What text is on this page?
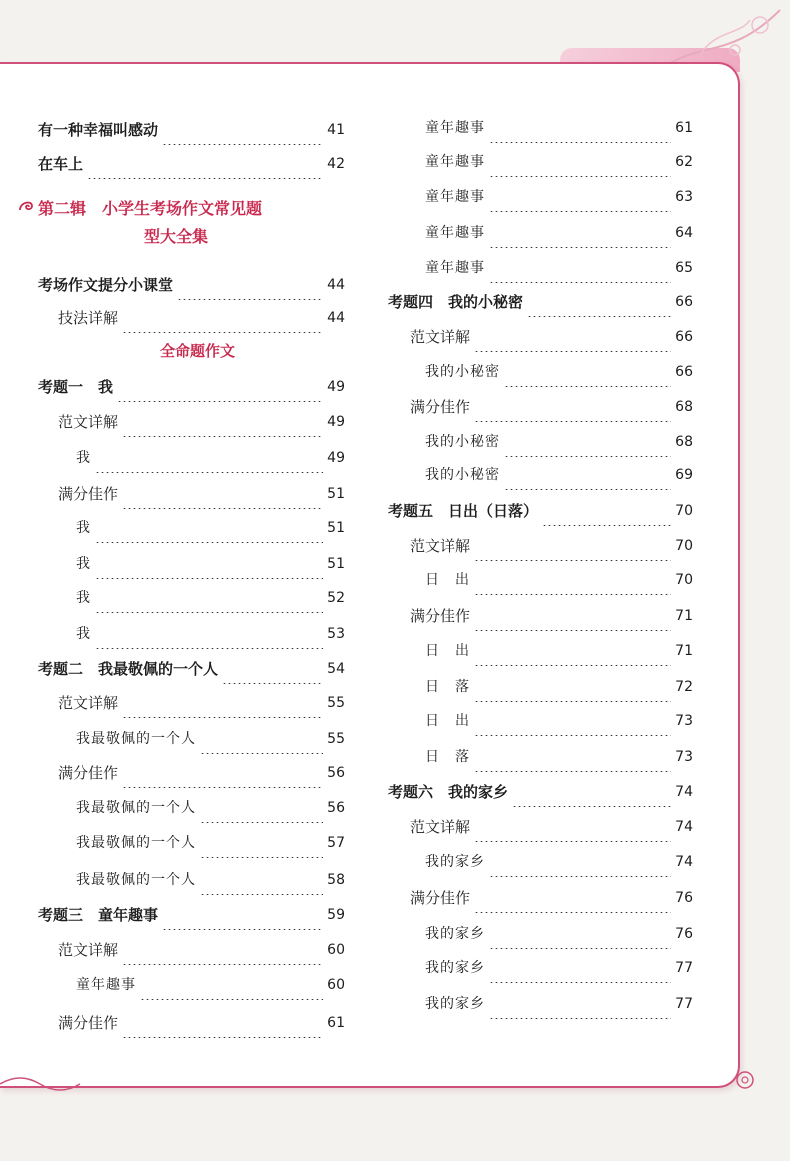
第二辑　小学生考场作文常见题
型大全集
全命题作文
有一种幸福叫感动	41
在车上	42
考场作文提分小课堂	44
技法详解	44
考题一　我	49
范文详解	49
我	49
满分佳作	51
我	51
我	51
我	52
我	53
考题二　我最敬佩的一个人	54
范文详解	55
我最敬佩的一个人	55
满分佳作	56
我最敬佩的一个人	56
我最敬佩的一个人	57
我最敬佩的一个人	58
考题三　童年趣事	59
范文详解	60
童年趣事	60
满分佳作	61
童年趣事	61
童年趣事	62
童年趣事	63
童年趣事	64
童年趣事	65
考题四　我的小秘密	66
范文详解	66
我的小秘密	66
满分佳作	68
我的小秘密	68
我的小秘密	69
考题五　日出（日落）	70
范文详解	70
日　出	70
满分佳作	71
日　出	71
日　落	72
日　出	73
日　落	73
考题六　我的家乡	74
范文详解	74
我的家乡	74
满分佳作	76
我的家乡	76
我的家乡	77
我的家乡	77
